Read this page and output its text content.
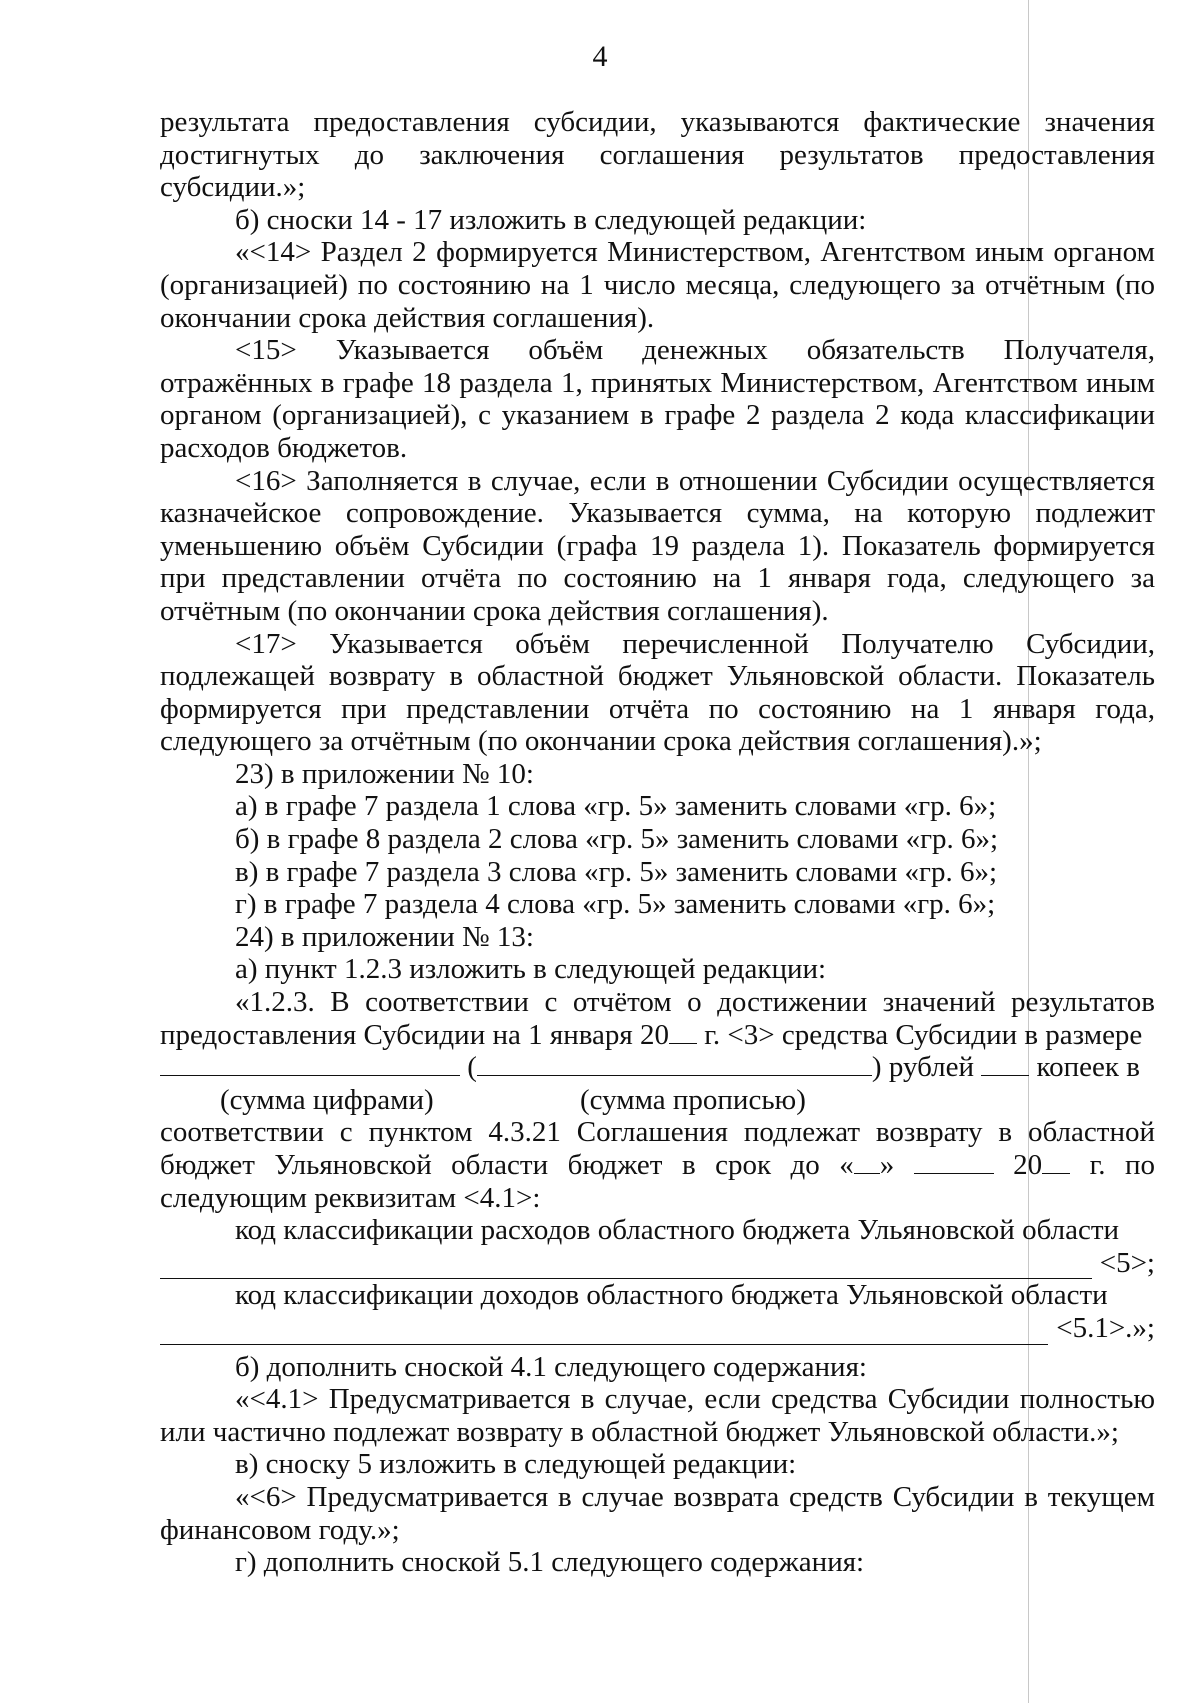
4

результата предоставления субсидии, указываются фактические значения достигнутых до заключения соглашения результатов предоставления субсидии.»;

б) сноски 14 - 17 изложить в следующей редакции:

«<14> Раздел 2 формируется Министерством, Агентством иным органом (организацией) по состоянию на 1 число месяца, следующего за отчётным (по окончании срока действия соглашения).

<15> Указывается объём денежных обязательств Получателя, отражённых в графе 18 раздела 1, принятых Министерством, Агентством иным органом (организацией), с указанием в графе 2 раздела 2 кода классификации расходов бюджетов.

<16> Заполняется в случае, если в отношении Субсидии осуществляется казначейское сопровождение. Указывается сумма, на которую подлежит уменьшению объём Субсидии (графа 19 раздела 1). Показатель формируется при представлении отчёта по состоянию на 1 января года, следующего за отчётным (по окончании срока действия соглашения).

<17> Указывается объём перечисленной Получателю Субсидии, подлежащей возврату в областной бюджет Ульяновской области. Показатель формируется при представлении отчёта по состоянию на 1 января года, следующего за отчётным (по окончании срока действия соглашения).»;

23) в приложении № 10:

а) в графе 7 раздела 1 слова «гр. 5» заменить словами «гр. 6»;

б) в графе 8 раздела 2 слова «гр. 5» заменить словами «гр. 6»;

в) в графе 7 раздела 3 слова «гр. 5» заменить словами «гр. 6»;

г) в графе 7 раздела 4 слова «гр. 5» заменить словами «гр. 6»;

24) в приложении № 13:

а) пункт 1.2.3 изложить в следующей редакции:

«1.2.3. В соответствии с отчётом о достижении значений результатов предоставления Субсидии на 1 января 20 г. <3> средства Субсидии в размере

(	) рублей копеек в

(сумма цифрами)	(сумма прописью)

соответствии с пунктом 4.3.21 Соглашения подлежат возврату в областной бюджет Ульяновской области бюджет в срок до « »	20 г. по следующим реквизитам <4.1>:

код классификации расходов областного бюджета Ульяновской области

<5>;

код классификации доходов областного бюджета Ульяновской области

<5.1>.»;

б) дополнить сноской 4.1 следующего содержания:

«<4.1> Предусматривается в случае, если средства Субсидии полностью или частично подлежат возврату в областной бюджет Ульяновской области.»;

в) сноску 5 изложить в следующей редакции:

«<6> Предусматривается в случае возврата средств Субсидии в текущем финансовом году.»;

г) дополнить сноской 5.1 следующего содержания:
